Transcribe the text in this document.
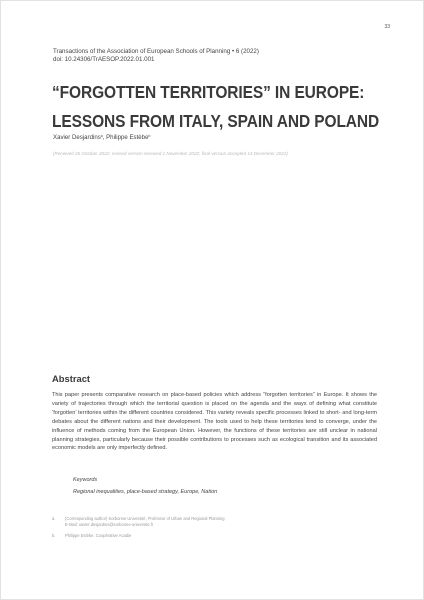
33
Transactions of the Association of European Schools of Planning • 6 (2022)
doi: 10.24306/TrAESOP.2022.01.001
“FORGOTTEN TERRITORIES” IN EUROPE:
LESSONS FROM ITALY, SPAIN AND POLAND
Xavier Desjardins$^a$, Philippe Estèbe$^b$
(Received 26 October 2022; revised version received 1 November 2022; final version accepted 14 December 2022)
Abstract
This paper presents comparative research on place-based policies which address “forgotten territories” in Europe. It shows the variety of trajectories through which the territorial question is placed on the agenda and the ways of defining what constitute ‘forgotten’ territories within the different countries considered. This variety reveals specific processes linked to short- and long-term debates about the different nations and their development. The tools used to help these territories tend to converge, under the influence of methods coming from the European Union. However, the functions of these territories are still unclear in national planning strategies, particularly because their possible contributions to processes such as ecological transition and its associated economic models are only imperfectly defined.
Keywords
Regional inequalities, place-based strategy, Europe, Nation
a.	(Corresponding author) Sorbonne Université, Professor of Urban and Regional Planning
E-Mail: xavier.desjardins@sorbonne-universite.fr
b.	Philippe Estèbe: Coopérative Acadie
